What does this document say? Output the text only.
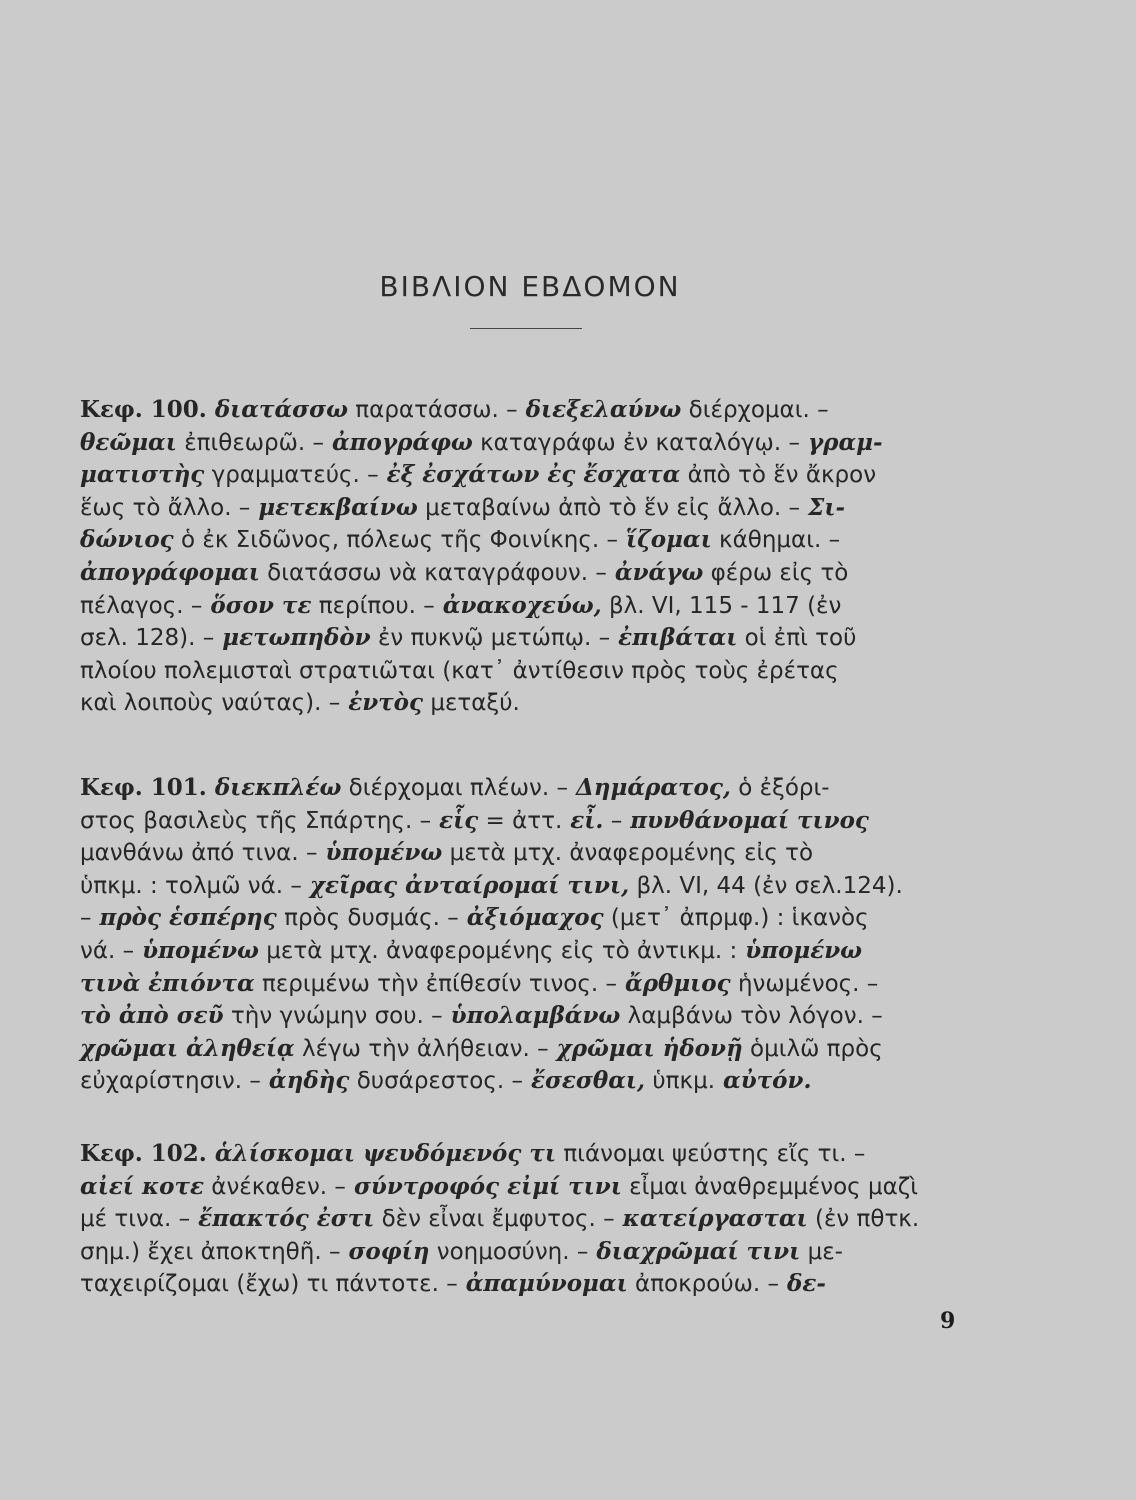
ΒΙΒΛΙΟΝ ΕΒΔΟΜΟΝ
Κεφ. 100. διατάσσω παρατάσσω. – διεξελαύνω διέρχομαι. –
θεῶμαι ἐπιθεωρῶ. – ἀπογράφω καταγράφω ἐν καταλόγῳ. – γραμ-
ματιστὴς γραμματεύς. – ἐξ ἐσχάτων ἐς ἔσχατα ἀπὸ τὸ ἕν ἄκρον
ἕως τὸ ἄλλο. – μετεκβαίνω μεταβαίνω ἀπὸ τὸ ἕν εἰς ἄλλο. – Σι-
δώνιος ὁ ἐκ Σιδῶνος, πόλεως τῆς Φοινίκης. – ἵζομαι κάθημαι. –
ἀπογράφομαι διατάσσω νὰ καταγράφουν. – ἀνάγω φέρω εἰς τὸ
πέλαγος. – ὅσον τε περίπου. – ἀνακοχεύω, βλ. VI, 115 - 117 (ἐν
σελ. 128). – μετωπηδὸν ἐν πυκνῷ μετώπῳ. – ἐπιβάται οἱ ἐπὶ τοῦ
πλοίου πολεμισταὶ στρατιῶται (κατ᾿ ἀντίθεσιν πρὸς τοὺς ἐρέτας
καὶ λοιποὺς ναύτας). – ἐντὸς μεταξύ.
Κεφ. 101. διεκπλέω διέρχομαι πλέων. – Δημάρατος, ὁ ἐξόρι-
στος βασιλεὺς τῆς Σπάρτης. – εἷς = ἀττ. εἶ. – πυνθάνομαί τινος
μανθάνω ἀπό τινα. – ὑπομένω μετὰ μτχ. ἀναφερομένης εἰς τὸ
ὑπκμ. : τολμῶ νά. – χεῖρας ἀνταίρομαί τινι, βλ. VI, 44 (ἐν σελ.124).
– πρὸς ἑσπέρης πρὸς δυσμάς. – ἀξιόμαχος (μετ᾿ ἀπρμφ.) : ἱκανὸς
νά. – ὑπομένω μετὰ μτχ. ἀναφερομένης εἰς τὸ ἀντικμ. : ὑπομένω
τινὰ ἐπιόντα περιμένω τὴν ἐπίθεσίν τινος. – ἄρθμιος ἡνωμένος. –
τὸ ἀπὸ σεῦ τὴν γνώμην σου. – ὑπολαμβάνω λαμβάνω τὸν λόγον. –
χρῶμαι ἀληθείᾳ λέγω τὴν ἀλήθειαν. – χρῶμαι ἡδονῇ ὁμιλῶ πρὸς
εὐχαρίστησιν. – ἀηδὴς δυσάρεστος. – ἔσεσθαι, ὑπκμ. αὐτόν.
Κεφ. 102. ἁλίσκομαι ψευδόμενός τι πιάνομαι ψεύστης εἴς τι. –
αἰεί κοτε ἀνέκαθεν. – σύντροφός εἰμί τινι εἶμαι ἀναθρεμμένος μαζὶ
μέ τινα. – ἔπακτός ἐστι δὲν εἶναι ἔμφυτος. – κατείργασται (ἐν πθτκ.
σημ.) ἔχει ἀποκτηθῆ. – σοφίη νοημοσύνη. – διαχρῶμαί τινι με-
ταχειρίζομαι (ἔχω) τι πάντοτε. – ἀπαμύνομαι ἀποκρούω. – δε-
9
